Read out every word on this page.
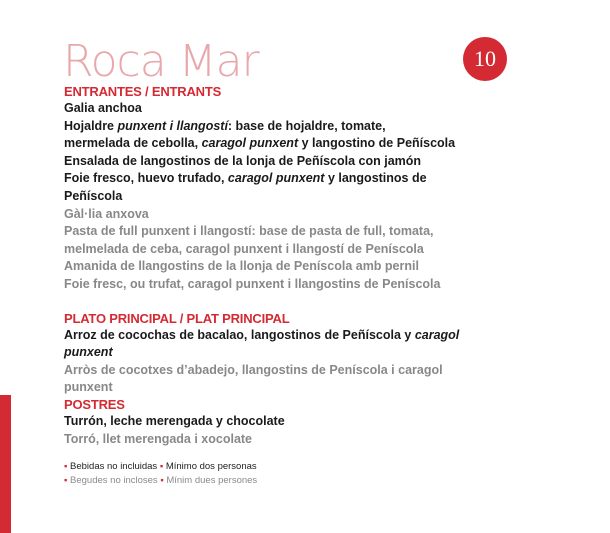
Roca Mar	10
ENTRANTES / ENTRANTS
Galia anchoa
Hojaldre punxent i llangostí: base de hojaldre, tomate,
mermelada de cebolla, caragol punxent y langostino de Peñíscola
Ensalada de langostinos de la lonja de Peñíscola con jamón
Foie fresco, huevo trufado, caragol punxent y langostinos de
Peñíscola
Gàl·lia anxova
Pasta de full punxent i llangostí: base de pasta de full, tomata,
melmelada de ceba, caragol punxent i llangostí de Peníscola
Amanida de llangostins de la llonja de Peníscola amb pernil
Foie fresc, ou trufat, caragol punxent i llangostins de Peníscola
PLATO PRINCIPAL / PLAT PRINCIPAL
Arroz de cocochas de bacalao, langostinos de Peñíscola y caragol
punxent
Arròs de cocotxes d’abadejo, llangostins de Peníscola i caragol
punxent
POSTRES
Turrón, leche merengada y chocolate
Torró, llet merengada i xocolate
▪ Bebidas no incluidas ▪ Mínimo dos personas
▪ Begudes no incloses ▪ Mínim dues persones
